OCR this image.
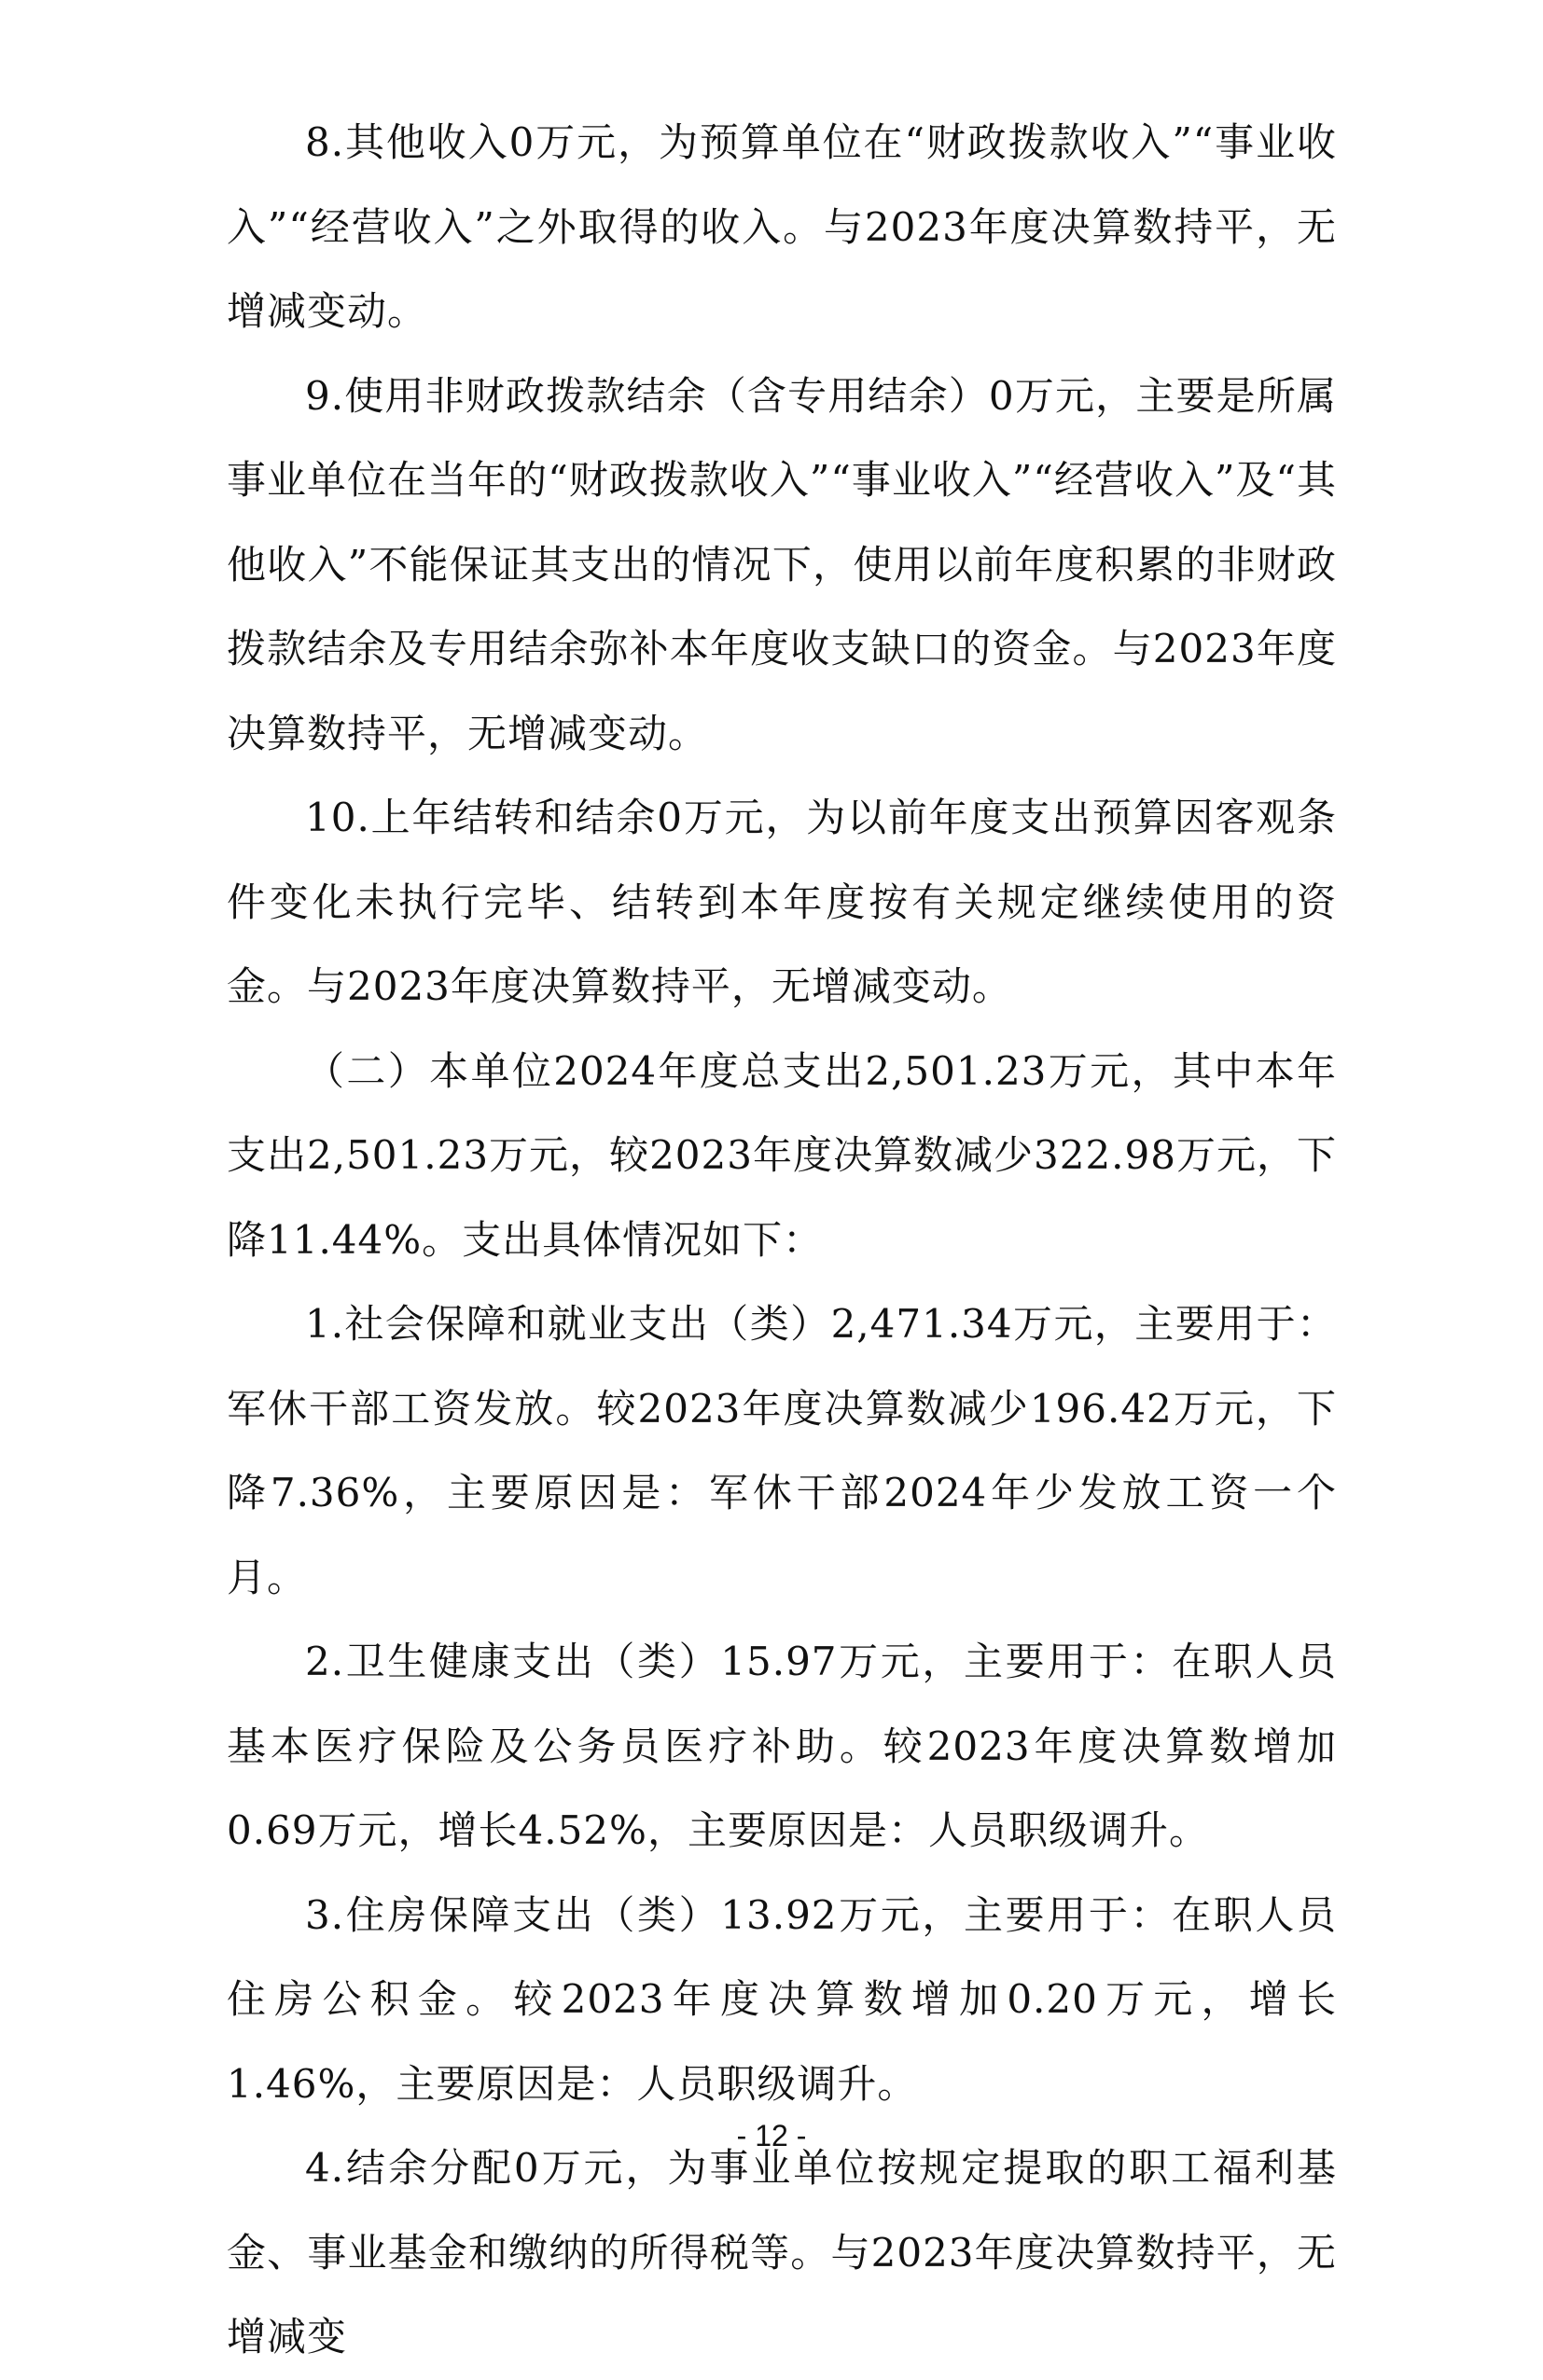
8.其他收入0万元，为预算单位在“财政拨款收入”“事业收入”“经营收入”之外取得的收入。与2023年度决算数持平，无增减变动。

9.使用非财政拨款结余（含专用结余）0万元，主要是所属事业单位在当年的“财政拨款收入”“事业收入”“经营收入”及“其他收入”不能保证其支出的情况下，使用以前年度积累的非财政拨款结余及专用结余弥补本年度收支缺口的资金。与2023年度决算数持平，无增减变动。

10.上年结转和结余0万元，为以前年度支出预算因客观条件变化未执行完毕、结转到本年度按有关规定继续使用的资金。与2023年度决算数持平，无增减变动。

（二）本单位2024年度总支出2,501.23万元，其中本年支出2,501.23万元，较2023年度决算数减少322.98万元，下降11.44%。支出具体情况如下：

1.社会保障和就业支出（类）2,471.34万元，主要用于：军休干部工资发放。较2023年度决算数减少196.42万元，下降7.36%，主要原因是：军休干部2024年少发放工资一个月。

2.卫生健康支出（类）15.97万元，主要用于：在职人员基本医疗保险及公务员医疗补助。较2023年度决算数增加0.69万元，增长4.52%，主要原因是：人员职级调升。

3.住房保障支出（类）13.92万元，主要用于：在职人员住房公积金。较2023年度决算数增加0.20万元，增长1.46%，主要原因是：人员职级调升。

4.结余分配0万元，为事业单位按规定提取的职工福利基金、事业基金和缴纳的所得税等。与2023年度决算数持平，无增减变

- 12 -
